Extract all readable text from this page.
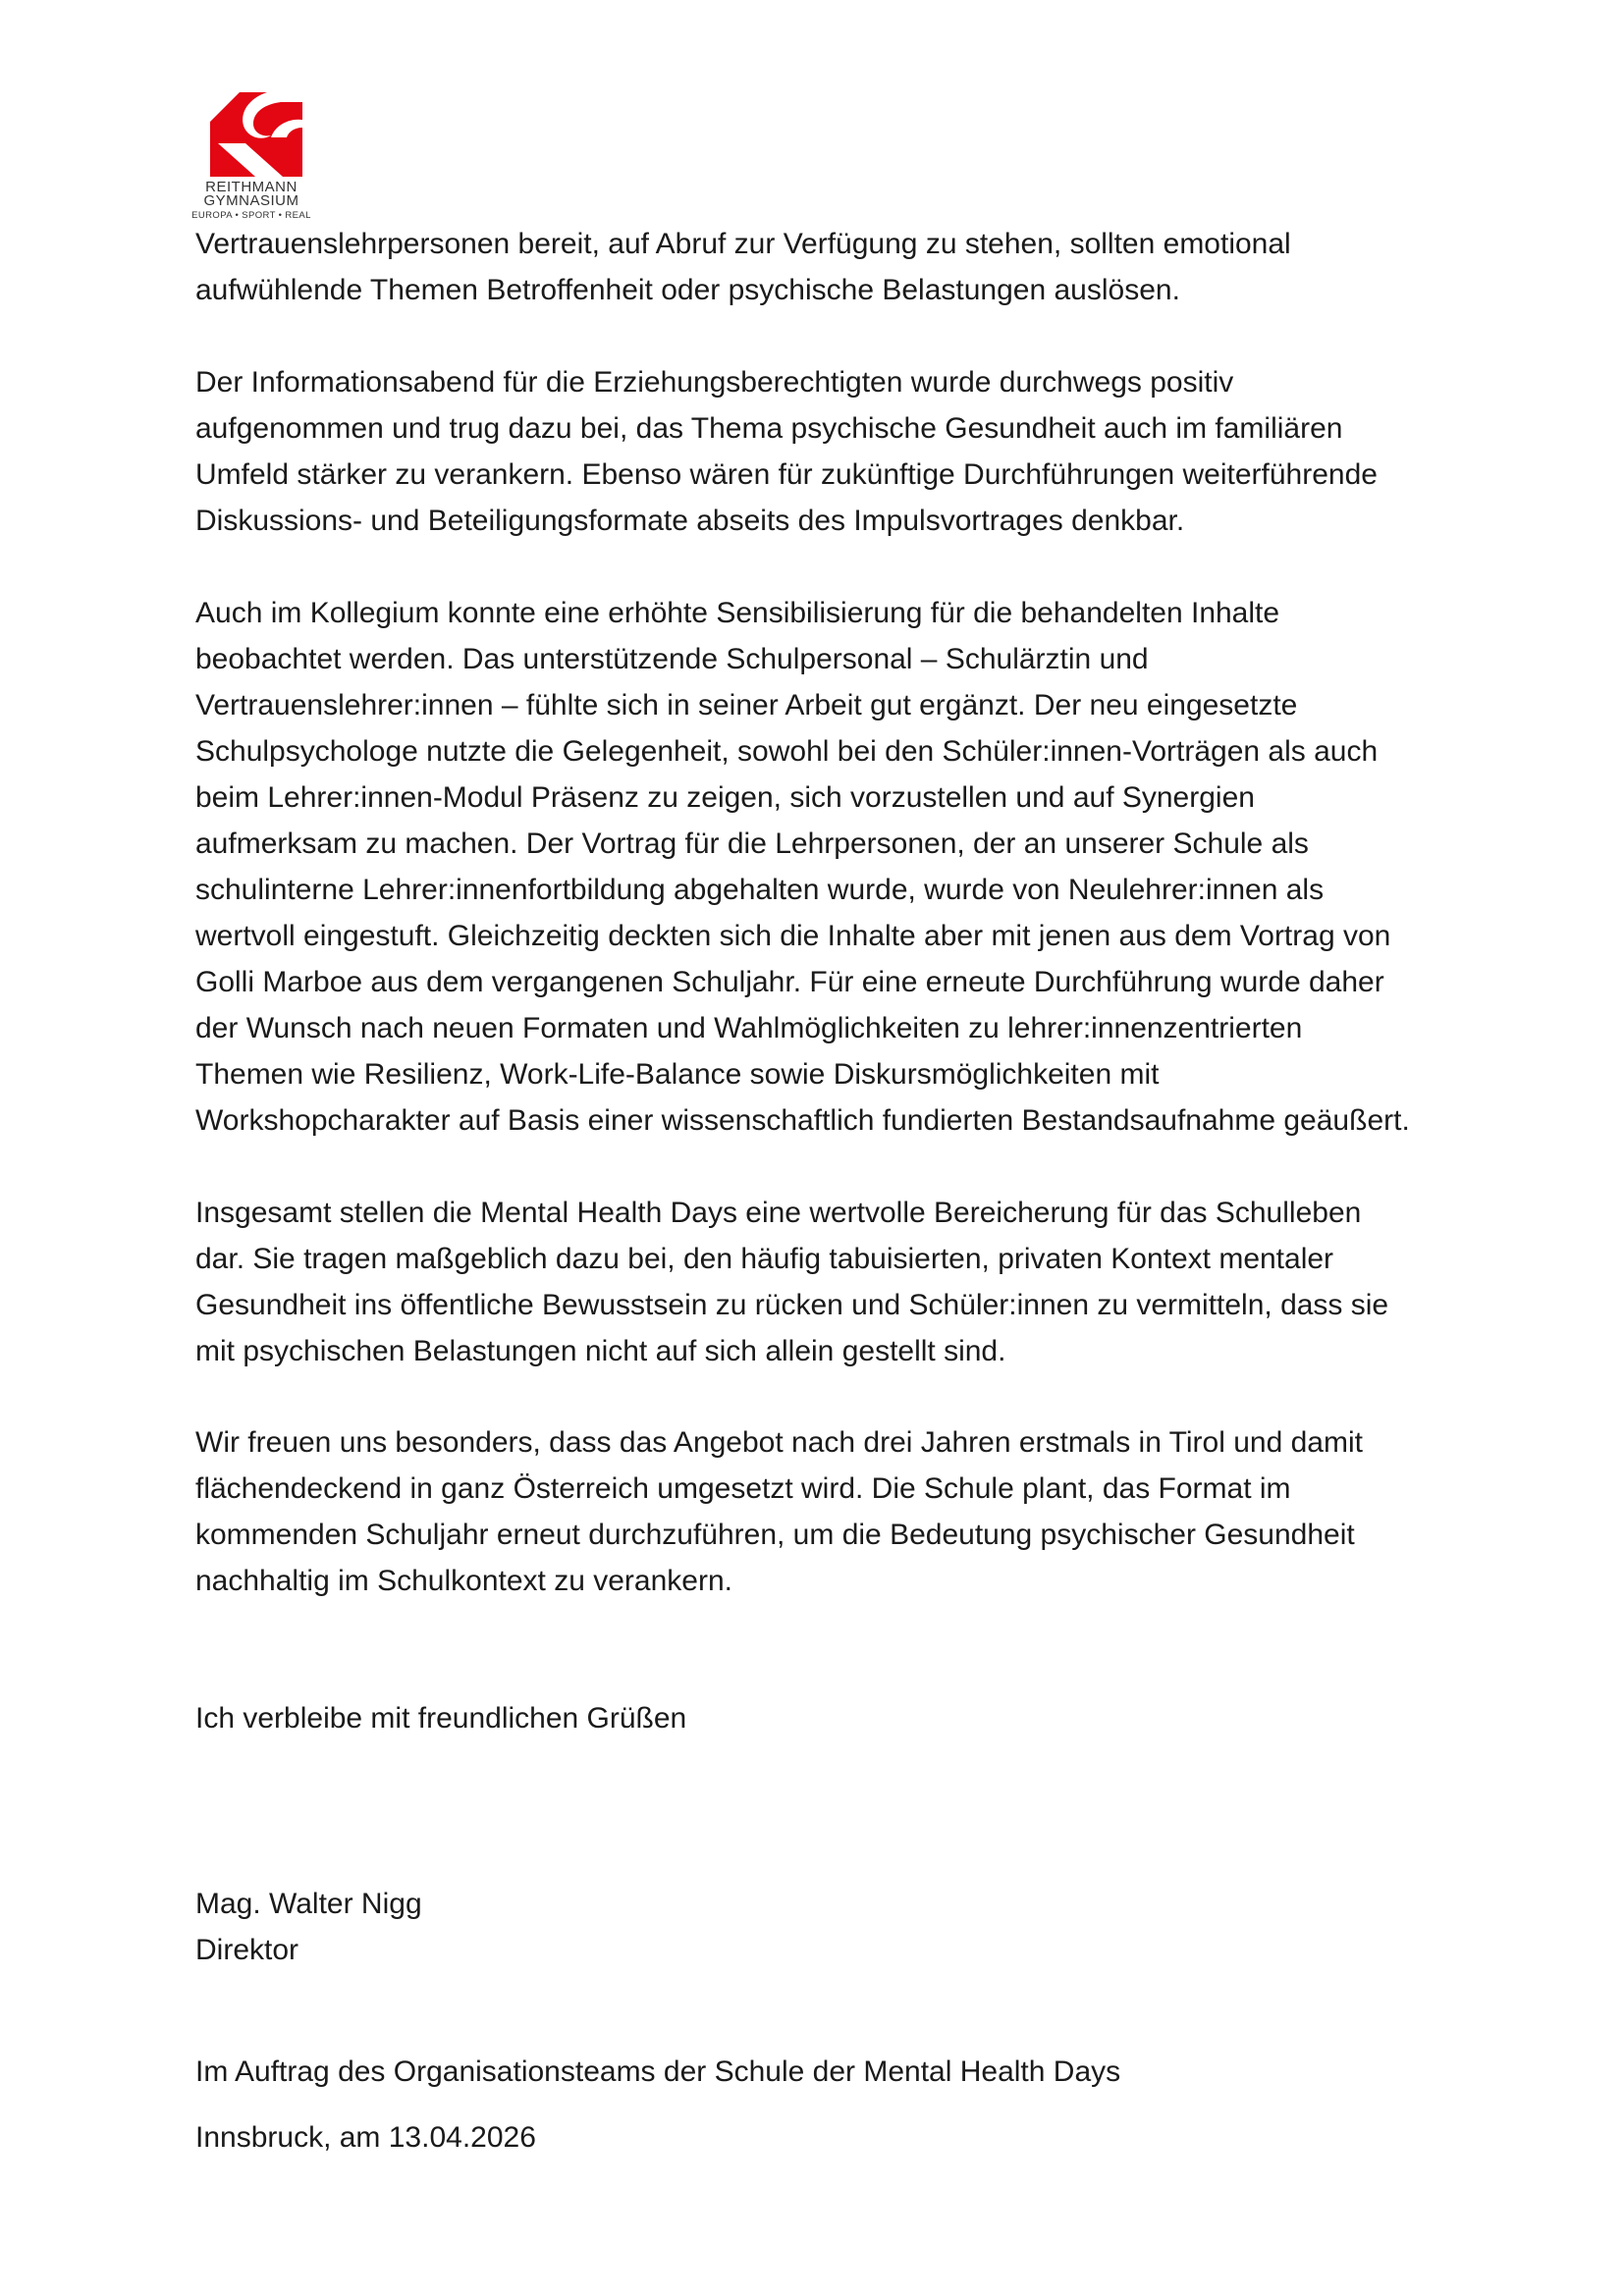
REITHMANN
GYMNASIUM
EUROPA • SPORT • REAL

Vertrauenslehrpersonen bereit, auf Abruf zur Verfügung zu stehen, sollten emotional
aufwühlende Themen Betroffenheit oder psychische Belastungen auslösen.

Der Informationsabend für die Erziehungsberechtigten wurde durchwegs positiv
aufgenommen und trug dazu bei, das Thema psychische Gesundheit auch im familiären
Umfeld stärker zu verankern. Ebenso wären für zukünftige Durchführungen weiterführende
Diskussions- und Beteiligungsformate abseits des Impulsvortrages denkbar.

Auch im Kollegium konnte eine erhöhte Sensibilisierung für die behandelten Inhalte
beobachtet werden. Das unterstützende Schulpersonal – Schulärztin und
Vertrauenslehrer:innen – fühlte sich in seiner Arbeit gut ergänzt. Der neu eingesetzte
Schulpsychologe nutzte die Gelegenheit, sowohl bei den Schüler:innen-Vorträgen als auch
beim Lehrer:innen-Modul Präsenz zu zeigen, sich vorzustellen und auf Synergien
aufmerksam zu machen. Der Vortrag für die Lehrpersonen, der an unserer Schule als
schulinterne Lehrer:innenfortbildung abgehalten wurde, wurde von Neulehrer:innen als
wertvoll eingestuft. Gleichzeitig deckten sich die Inhalte aber mit jenen aus dem Vortrag von
Golli Marboe aus dem vergangenen Schuljahr. Für eine erneute Durchführung wurde daher
der Wunsch nach neuen Formaten und Wahlmöglichkeiten zu lehrer:innenzentrierten
Themen wie Resilienz, Work-Life-Balance sowie Diskursmöglichkeiten mit
Workshopcharakter auf Basis einer wissenschaftlich fundierten Bestandsaufnahme geäußert.

Insgesamt stellen die Mental Health Days eine wertvolle Bereicherung für das Schulleben
dar. Sie tragen maßgeblich dazu bei, den häufig tabuisierten, privaten Kontext mentaler
Gesundheit ins öffentliche Bewusstsein zu rücken und Schüler:innen zu vermitteln, dass sie
mit psychischen Belastungen nicht auf sich allein gestellt sind.

Wir freuen uns besonders, dass das Angebot nach drei Jahren erstmals in Tirol und damit
flächendeckend in ganz Österreich umgesetzt wird. Die Schule plant, das Format im
kommenden Schuljahr erneut durchzuführen, um die Bedeutung psychischer Gesundheit
nachhaltig im Schulkontext zu verankern.

Ich verbleibe mit freundlichen Grüßen
Mag. Walter Nigg
Direktor
Im Auftrag des Organisationsteams der Schule der Mental Health Days
Innsbruck, am 13.04.2026
